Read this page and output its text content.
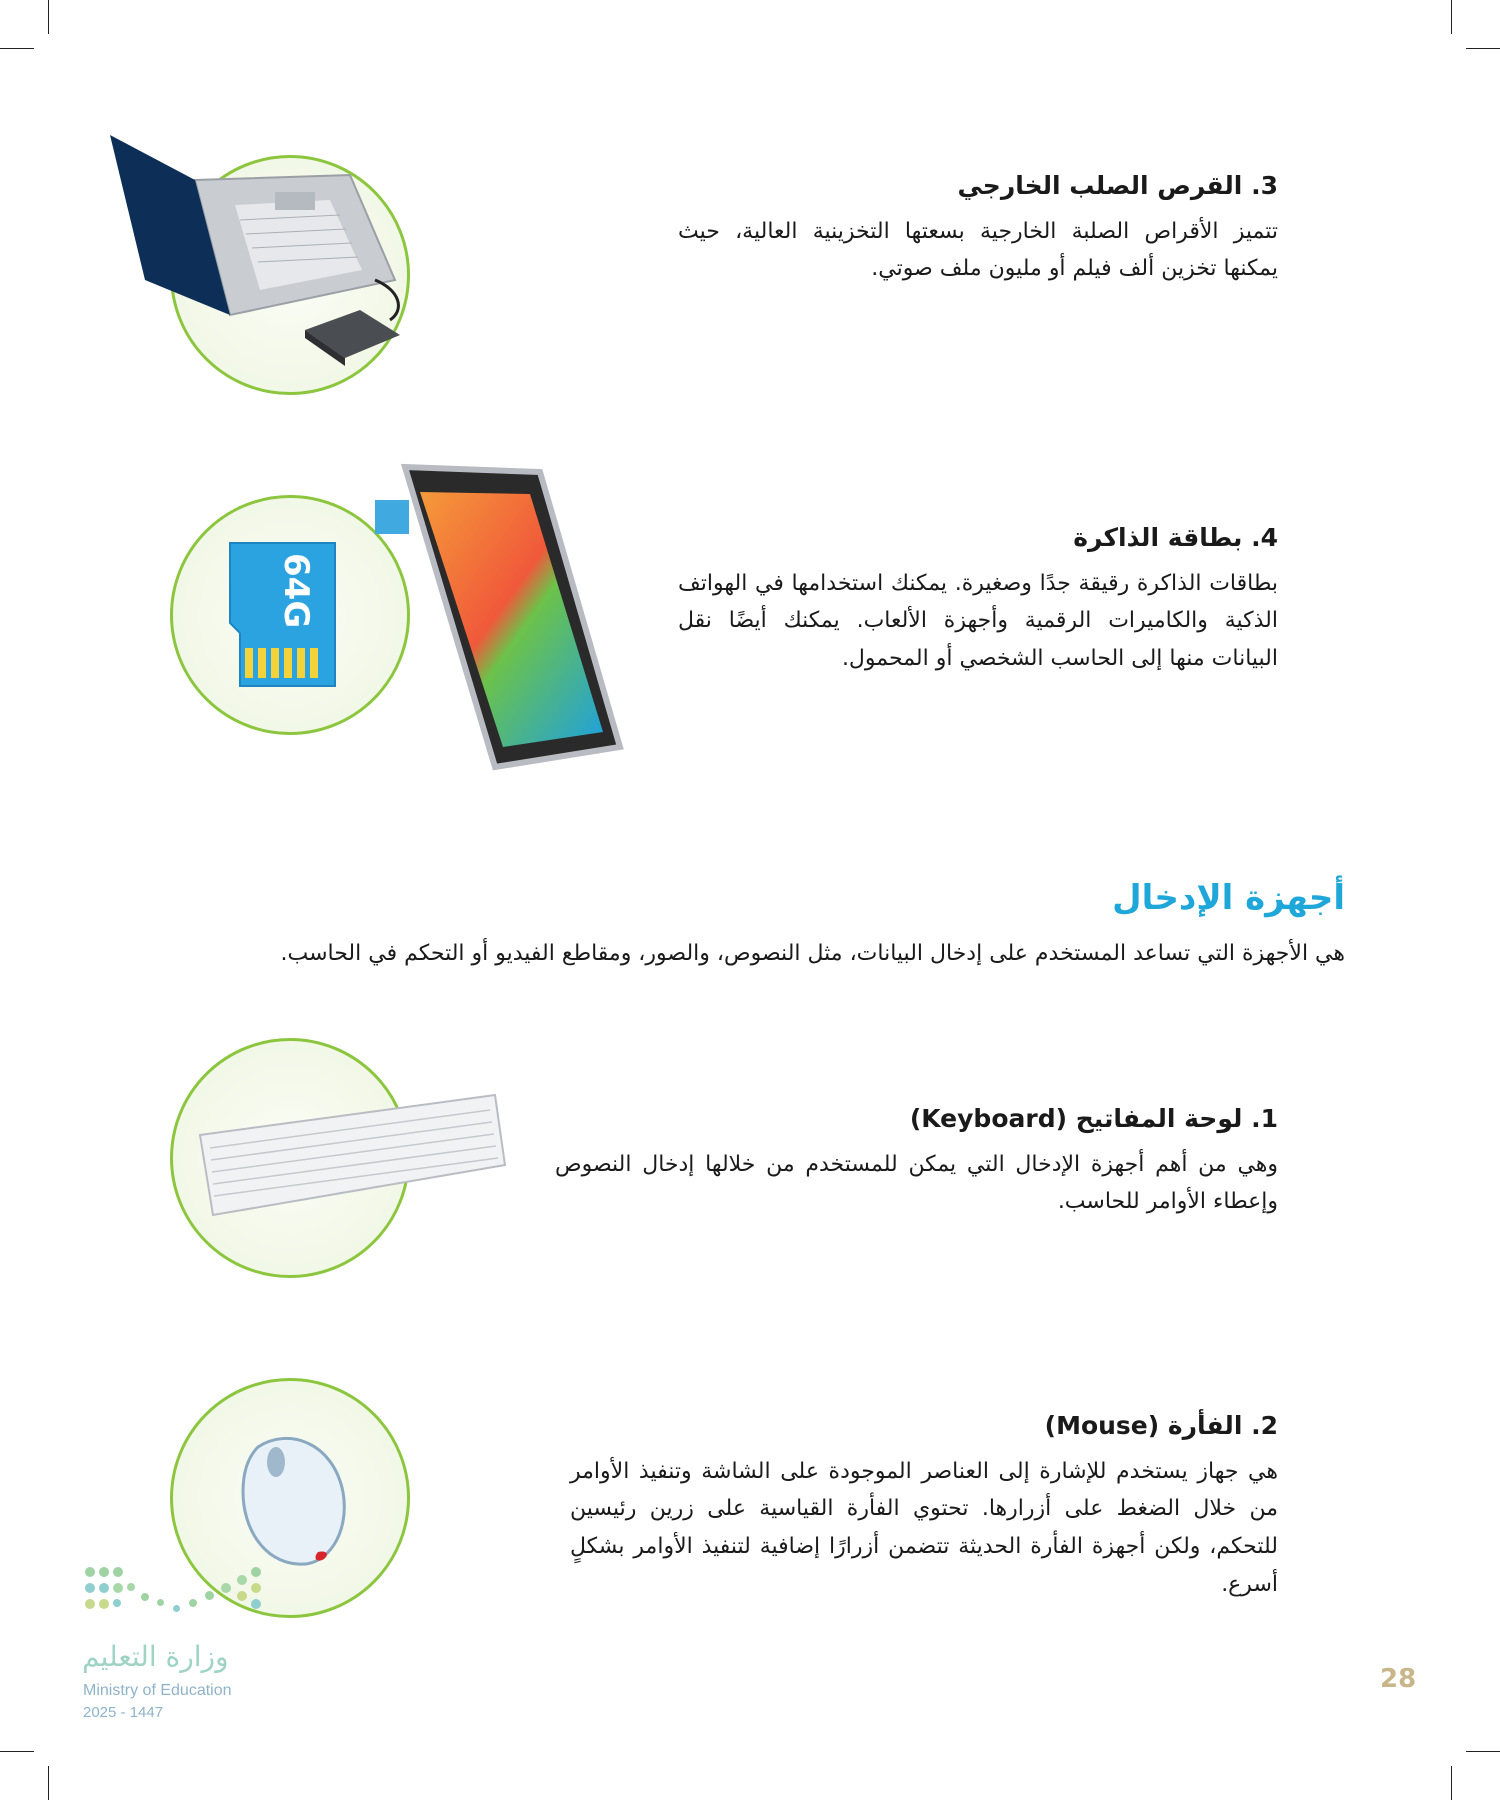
3. القرص الصلب الخارجي

تتميز الأقراص الصلبة الخارجية بسعتها التخزينية العالية، حيث يمكنها تخزين ألف فيلم أو مليون ملف صوتي.

64G
4. بطاقة الذاكرة

بطاقات الذاكرة رقيقة جدًا وصغيرة. يمكنك استخدامها في الهواتف الذكية والكاميرات الرقمية وأجهزة الألعاب. يمكنك أيضًا نقل البيانات منها إلى الحاسب الشخصي أو المحمول.

أجهزة الإدخال
هي الأجهزة التي تساعد المستخدم على إدخال البيانات، مثل النصوص، والصور، ومقاطع الفيديو أو التحكم في الحاسب.
1. لوحة المفاتيح (Keyboard)

وهي من أهم أجهزة الإدخال التي يمكن للمستخدم من خلالها إدخال النصوص وإعطاء الأوامر للحاسب.

2. الفأرة (Mouse)

هي جهاز يستخدم للإشارة إلى العناصر الموجودة على الشاشة وتنفيذ الأوامر من خلال الضغط على أزرارها. تحتوي الفأرة القياسية على زرين رئيسين للتحكم، ولكن أجهزة الفأرة الحديثة تتضمن أزرارًا إضافية لتنفيذ الأوامر بشكلٍ أسرع.

وزارة التعليم
Ministry of Education
2025 - 1447
28
